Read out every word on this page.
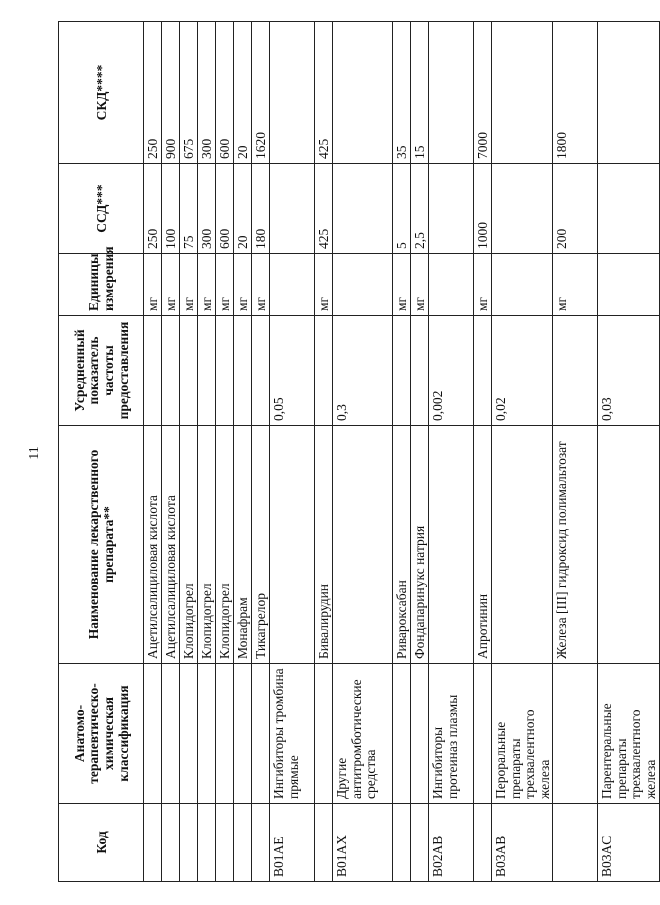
11
Код	Анатомо-терапевтическо-химическая классификация	Наименование лекарственного препарата**	Усредненный показатель частоты предоставления	Единицы измерения	ССД***	СКД****
		Ацетилсалициловая кислота		мг	250	250
		Ацетилсалициловая кислота		мг	100	900
		Клопидогрел		мг	75	675
		Клопидогрел		мг	300	300
		Клопидогрел		мг	600	600
		Монафрам		мг	20	20
		Тикагрелор		мг	180	1620
B01AE	Ингибиторы тромбина прямые		0,05			
		Бивалирудин		мг	425	425
B01AX	Другие антитромботические средства		0,3			
		Ривароксабан		мг	5	35
		Фондапаринукс натрия		мг	2,5	15
B02AB	Ингибиторы протеиназ плазмы		0,002			
		Апротинин		мг	1000	7000
B03AB	Пероральные препараты трехвалентного железа		0,02			
		Железа [III] гидроксид полимальтозат		мг	200	1800
B03AC	Парентеральные препараты трехвалентного железа		0,03			
